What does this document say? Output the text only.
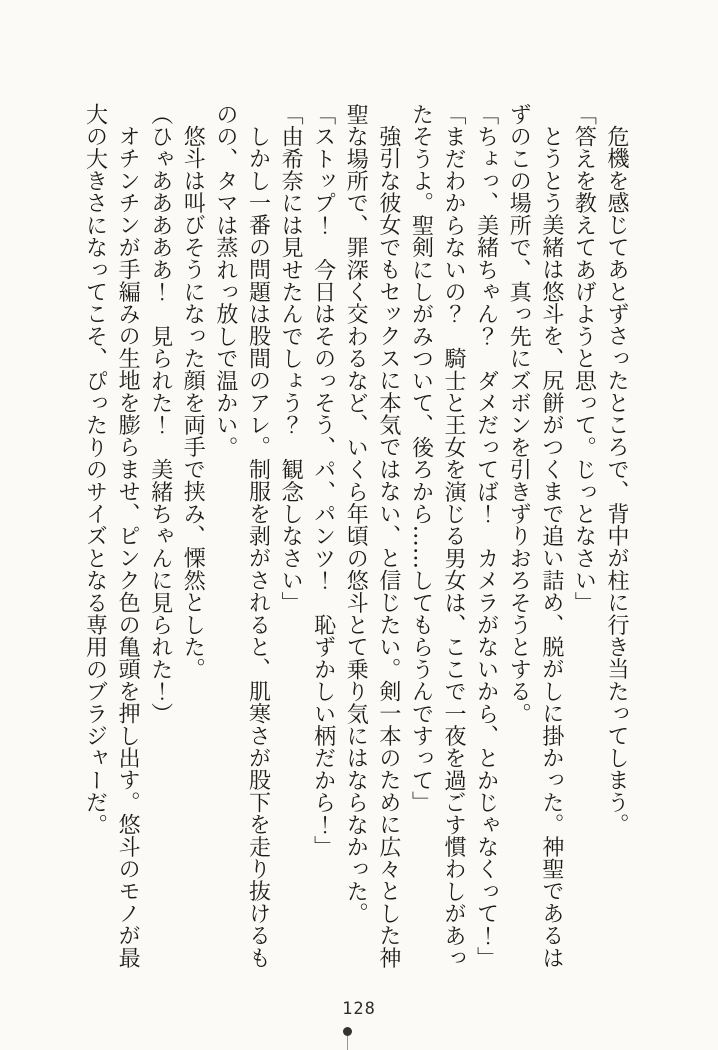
危機を感じてあとずさったところで、背中が柱に行き当たってしまう。

「答えを教えてあげようと思って。じっとなさい」

とうとう美緒は悠斗を、尻餅がつくまで追い詰め、脱がしに掛かった。神聖であるはずのこの場所で、真っ先にズボンを引きずりおろそうとする。

「ちょっ、美緒ちゃん？　ダメだってば！　カメラがないから、とかじゃなくって！」

「まだわからないの？　騎士と王女を演じる男女は、ここで一夜を過ごす慣わしがあったそうよ。聖剣にしがみついて、後ろから……してもらうんですって」

強引な彼女でもセックスに本気ではない、と信じたい。剣一本のために広々とした神聖な場所で、罪深く交わるなど、いくら年頃の悠斗とて乗り気にはならなかった。

「ストップ！　今日はそのっそう、パ、パンツ！　恥ずかしい柄だから！」

「由希奈には見せたんでしょう？　観念しなさい」

しかし一番の問題は股間のアレ。制服を剥がされると、肌寒さが股下を走り抜けるものの、タマは蒸れっ放しで温かい。

悠斗は叫びそうになった顔を両手で挟み、慄然とした。

（ひゃあああああ！　見られた！　美緒ちゃんに見られた！）

オチンチンが手編みの生地を膨らませ、ピンク色の亀頭を押し出す。悠斗のモノが最大の大きさになってこそ、ぴったりのサイズとなる専用のブラジャーだ。

128
